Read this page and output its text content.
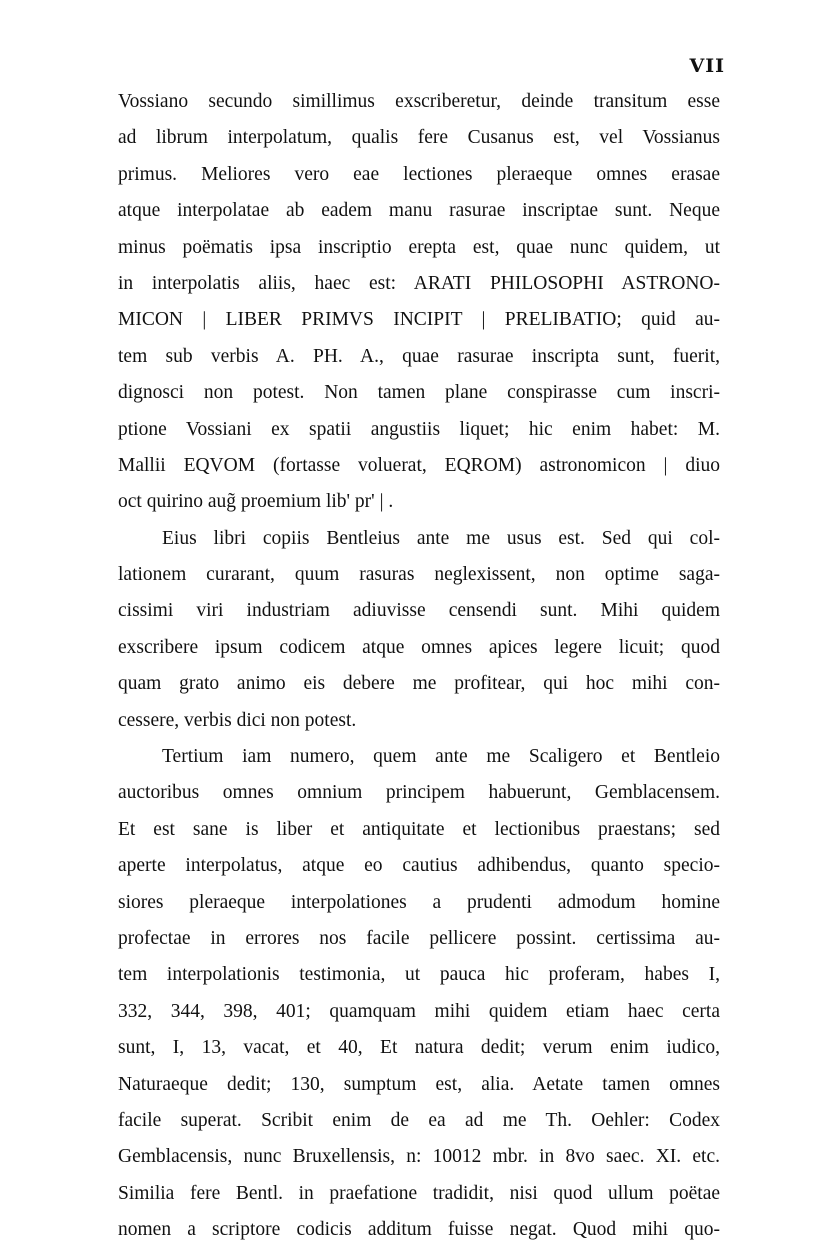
VII
Vossiano secundo simillimus exscriberetur, deinde transitum esse
ad librum interpolatum, qualis fere Cusanus est, vel Vossianus
primus. Meliores vero eae lectiones pleraeque omnes erasae
atque interpolatae ab eadem manu rasurae inscriptae sunt. Neque
minus poëmatis ipsa inscriptio erepta est, quae nunc quidem, ut
in interpolatis aliis, haec est: ARATI PHILOSOPHI ASTRONO-
MICON | LIBER PRIMVS INCIPIT | PRELIBATIO; quid au-
tem sub verbis A. PH. A., quae rasurae inscripta sunt, fuerit,
dignosci non potest. Non tamen plane conspirasse cum inscri-
ptione Vossiani ex spatii angustiis liquet; hic enim habet: M.
Mallii EQVOM (fortasse voluerat, EQROM) astronomicon | diuo
oct quirino aug̃ proemium lib' pr' | .
Eius libri copiis Bentleius ante me usus est. Sed qui col-
lationem curarant, quum rasuras neglexissent, non optime saga-
cissimi viri industriam adiuvisse censendi sunt. Mihi quidem
exscribere ipsum codicem atque omnes apices legere licuit; quod
quam grato animo eis debere me profitear, qui hoc mihi con-
cessere, verbis dici non potest.
Tertium iam numero, quem ante me Scaligero et Bentleio
auctoribus omnes omnium principem habuerunt, Gemblacensem.
Et est sane is liber et antiquitate et lectionibus praestans; sed
aperte interpolatus, atque eo cautius adhibendus, quanto specio-
siores pleraeque interpolationes a prudenti admodum homine
profectae in errores nos facile pellicere possint. certissima au-
tem interpolationis testimonia, ut pauca hic proferam, habes I,
332, 344, 398, 401; quamquam mihi quidem etiam haec certa
sunt, I, 13, vacat, et 40, Et natura dedit; verum enim iudico,
Naturaeque dedit; 130, sumptum est, alia. Aetate tamen omnes
facile superat. Scribit enim de ea ad me Th. Oehler: Codex
Gemblacensis, nunc Bruxellensis, n: 10012 mbr. in 8vo saec. XI. etc.
Similia fere Bentl. in praefatione tradidit, nisi quod ullum poëtae
nomen a scriptore codicis additum fuisse negat. Quod mihi quo-
